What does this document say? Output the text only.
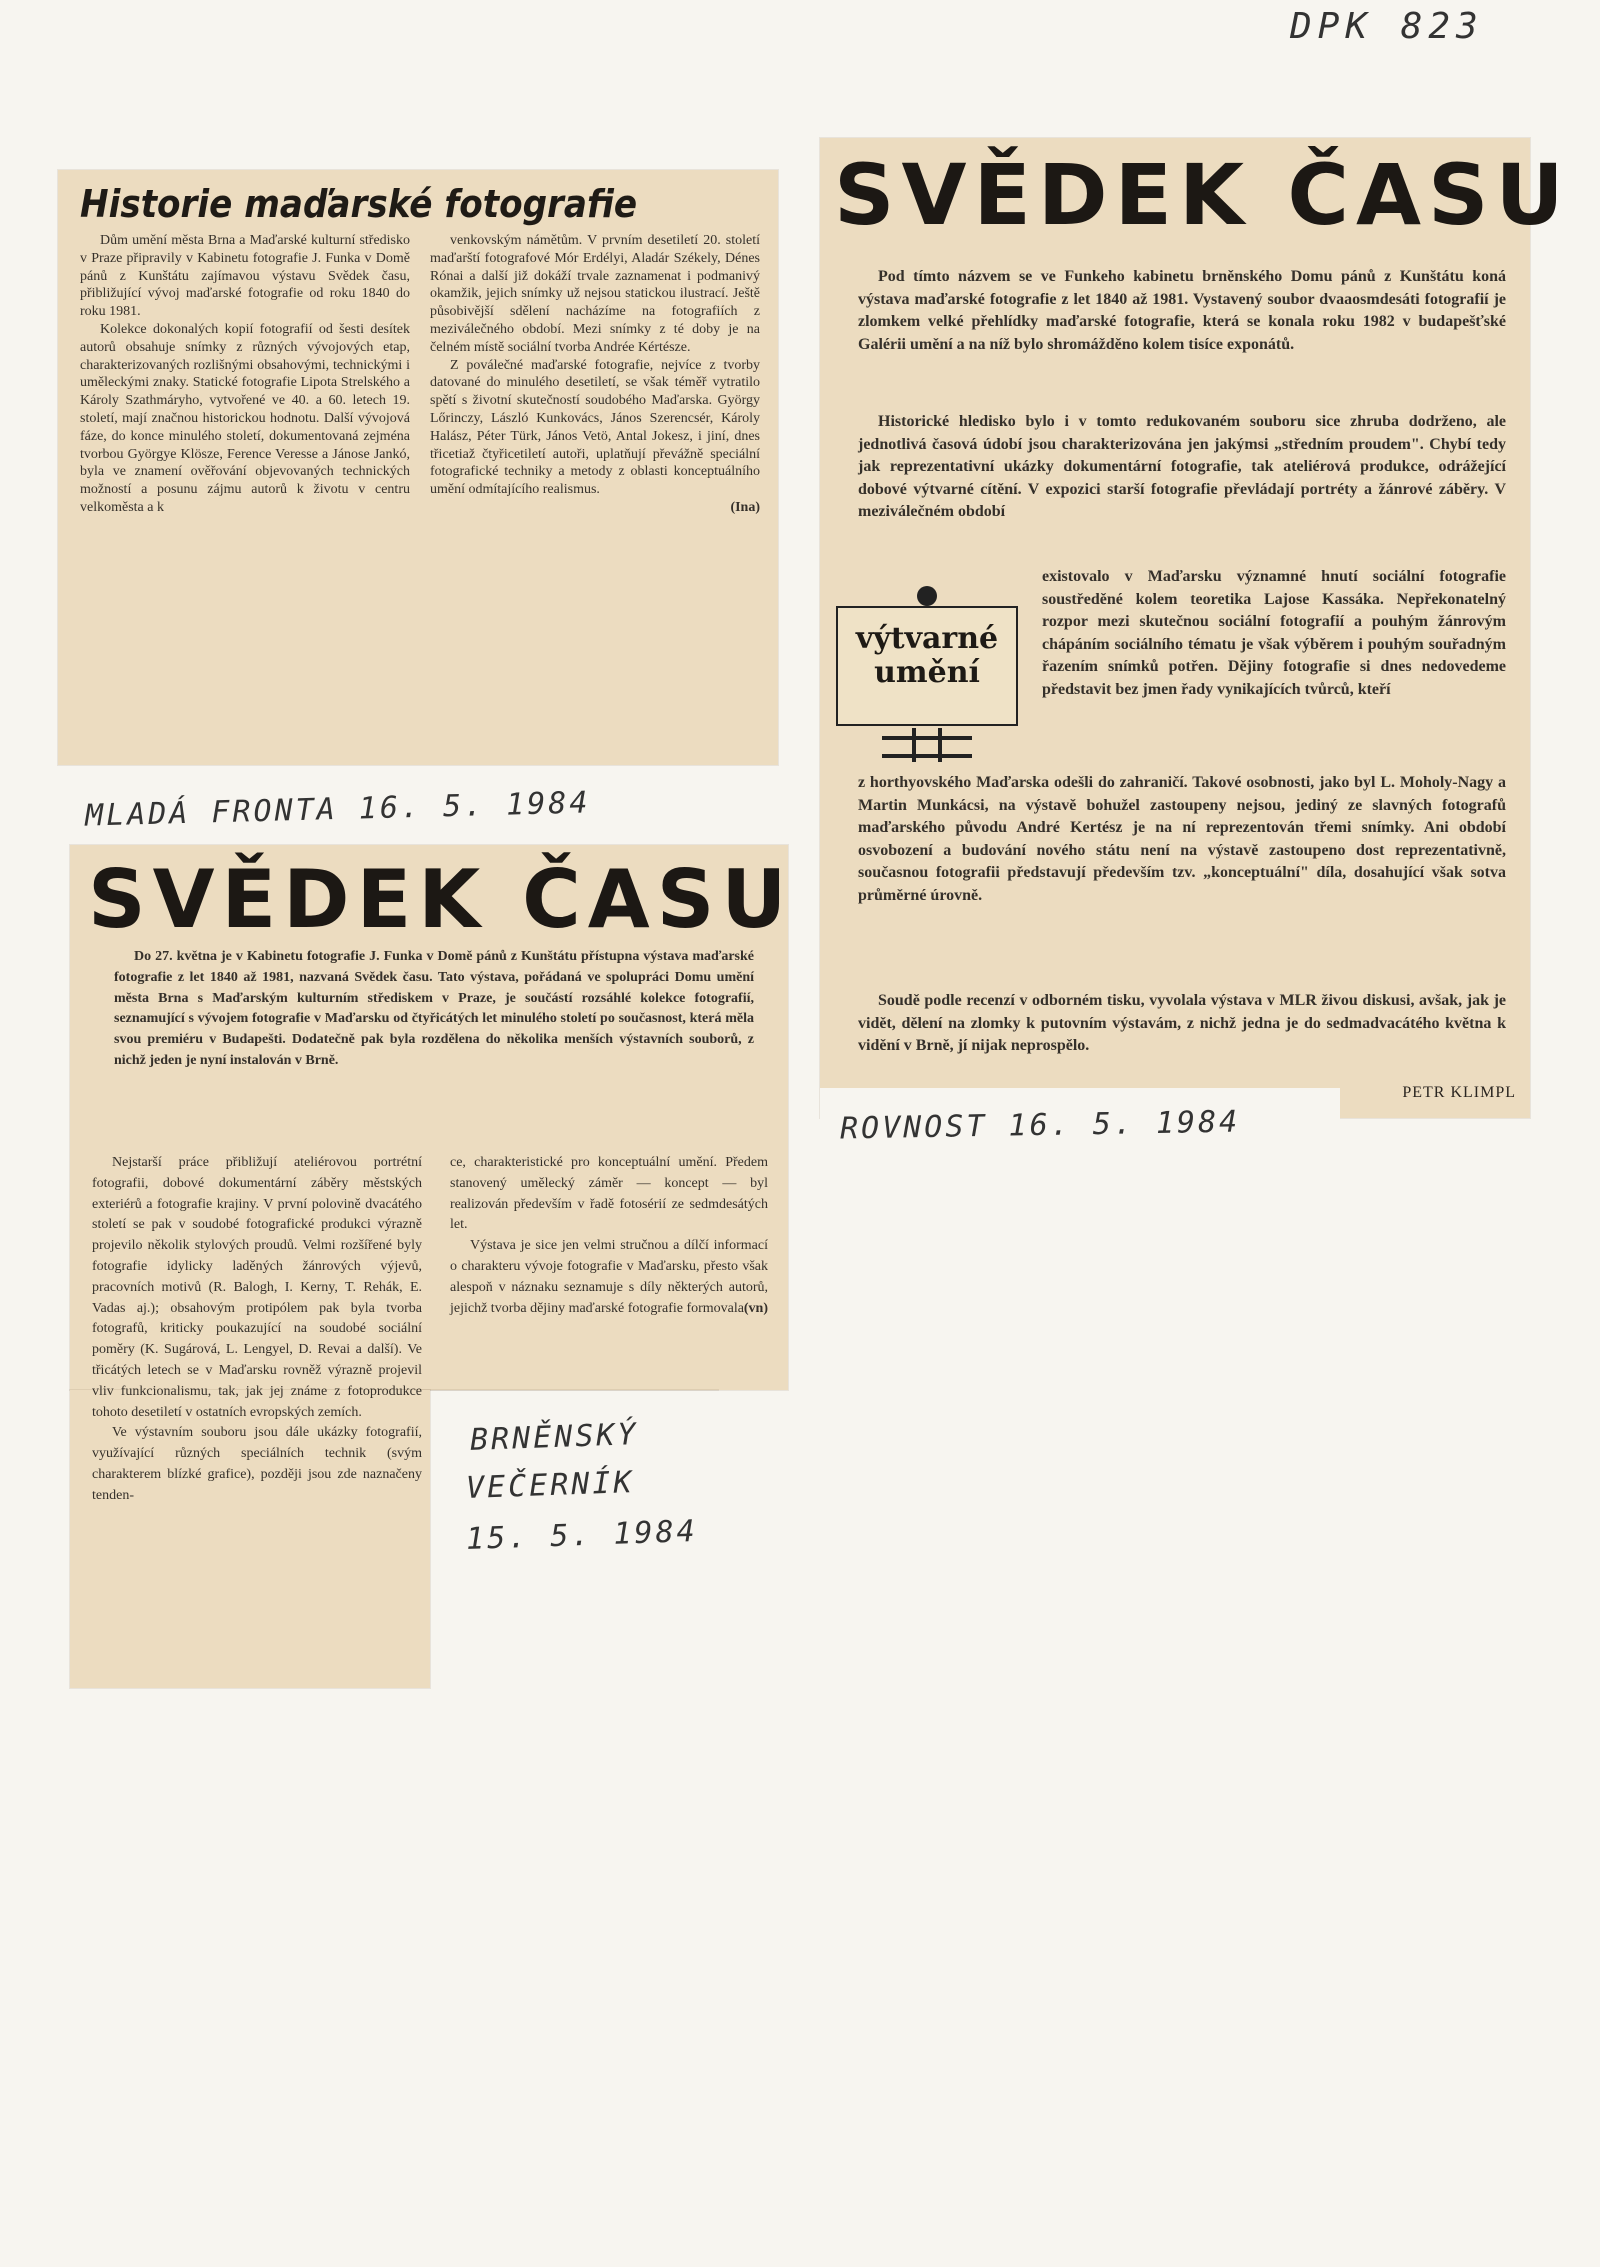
DPK 823
Historie maďarské fotografie

Dům umění města Brna a Maďarské kulturní středisko v Praze připravily v Kabinetu fotografie J. Funka v Domě pánů z Kunštátu zajímavou výstavu Svědek času, přibližující vývoj maďarské fotografie od roku 1840 do roku 1981.

Kolekce dokonalých kopií fotografií od šesti desítek autorů obsahuje snímky z různých vývojových etap, charakterizovaných rozlišnými obsahovými, technickými i uměleckými znaky. Statické fotografie Lipota Strelského a Károly Szathmáryho, vytvořené ve 40. a 60. letech 19. století, mají značnou historickou hodnotu. Další vývojová fáze, do konce minulého století, dokumentovaná zejména tvorbou Györgye Klösze, Ference Veresse a Jánose Jankó, byla ve znamení ověřování objevovaných technických možností a posunu zájmu autorů k životu v centru velkoměsta a k

venkovským námětům. V prvním desetiletí 20. století maďarští fotografové Mór Erdélyi, Aladár Székely, Dénes Rónai a další již dokáží trvale zaznamenat i podmanivý okamžik, jejich snímky už nejsou statickou ilustrací. Ještě působivější sdělení nacházíme na fotografiích z meziválečného období. Mezi snímky z té doby je na čelném místě sociální tvorba Andrée Kértésze.

Z poválečné maďarské fotografie, nejvíce z tvorby datované do minulého desetiletí, se však téměř vytratilo spětí s životní skutečností soudobého Maďarska. György Lőrinczy, László Kunkovács, János Szerencsér, Károly Halász, Péter Türk, János Vetö, Antal Jokesz, i jiní, dnes třicetiaž čtyřicetiletí autoři, uplatňují převážně speciální fotografické techniky a metody z oblasti konceptuálního umění odmítajícího realismus.

(Ina)
MLADÁ FRONTA 16. 5. 1984
SVĚDEK ČASU

Pod tímto názvem se ve Funkeho kabinetu brněnského Domu pánů z Kunštátu koná výstava maďarské fotografie z let 1840 až 1981. Vystavený soubor dvaaosmdesáti fotografií je zlomkem velké přehlídky maďarské fotografie, která se konala roku 1982 v budapešťské Galérii umění a na níž bylo shromážděno kolem tisíce exponátů.

Historické hledisko bylo i v tomto redukovaném souboru sice zhruba dodrženo, ale jednotlivá časová údobí jsou charakterizována jen jakýmsi „středním proudem". Chybí tedy jak reprezentativní ukázky dokumentární fotografie, tak ateliérová produkce, odrážející dobové výtvarné cítění. V expozici starší fotografie převládají portréty a žánrové záběry. V meziválečném období

výtvarné
umění

existovalo v Maďarsku významné hnutí sociální fotografie soustředěné kolem teoretika Lajose Kassáka. Nepřekonatelný rozpor mezi skutečnou sociální fotografií a pouhým žánrovým chápáním sociálního tématu je však výběrem i pouhým souřadným řazením snímků potřen. Dějiny fotografie si dnes nedovedeme představit bez jmen řady vynikajících tvůrců, kteří

z horthyovského Maďarska odešli do zahraničí. Takové osobnosti, jako byl L. Moholy-Nagy a Martin Munkácsi, na výstavě bohužel zastoupeny nejsou, jediný ze slavných fotografů maďarského původu André Kertész je na ní reprezentován třemi snímky. Ani období osvobození a budování nového státu není na výstavě zastoupeno dost reprezentativně, současnou fotografii představují především tzv. „konceptuální" díla, dosahující však sotva průměrné úrovně.

Soudě podle recenzí v odborném tisku, vyvolala výstava v MLR živou diskusi, avšak, jak je vidět, dělení na zlomky k putovním výstavám, z nichž jedna je do sedmadvacátého května k vidění v Brně, jí nijak neprospělo.

PETR KLIMPL
ROVNOST 16. 5. 1984
SVĚDEK ČASU

Do 27. května je v Kabinetu fotografie J. Funka v Domě pánů z Kunštátu přístupna výstava maďarské fotografie z let 1840 až 1981, nazvaná Svědek času. Tato výstava, pořádaná ve spolupráci Domu umění města Brna s Maďarským kulturním střediskem v Praze, je součástí rozsáhlé kolekce fotografií, seznamující s vývojem fotografie v Maďarsku od čtyřicátých let minulého století po současnost, která měla svou premiéru v Budapešti. Dodatečně pak byla rozdělena do několika menších výstavních souborů, z nichž jeden je nyní instalován v Brně.

ce, charakteristické pro konceptuální umění. Předem stanovený umělecký záměr — koncept — byl realizován především v řadě fotosérií ze sedmdesátých let.

Výstava je sice jen velmi stručnou a dílčí informací o charakteru vývoje fotografie v Maďarsku, přesto však alespoň v náznaku seznamuje s díly některých autorů, jejichž tvorba dějiny maďarské fotografie formovala.

(vn)

Nejstarší práce přibližují ateliérovou portrétní fotografii, dobové dokumentární záběry městských exteriérů a fotografie krajiny. V první polovině dvacátého století se pak v soudobé fotografické produkci výrazně projevilo několik stylových proudů. Velmi rozšířené byly fotografie idylicky laděných žánrových výjevů, pracovních motivů (R. Balogh, I. Kerny, T. Rehák, E. Vadas aj.); obsahovým protipólem pak byla tvorba fotografů, kriticky poukazující na soudobé sociální poměry (K. Sugárová, L. Lengyel, D. Revai a další). Ve třicátých letech se v Maďarsku rovněž výrazně projevil vliv funkcionalismu, tak, jak jej známe z fotoprodukce tohoto desetiletí v ostatních evropských zemích.

Ve výstavním souboru jsou dále ukázky fotografií, využívající různých speciálních technik (svým charakterem blízké grafice), později jsou zde naznačeny tenden-

BRNĚNSKÝ
VEČERNÍK
15. 5. 1984
